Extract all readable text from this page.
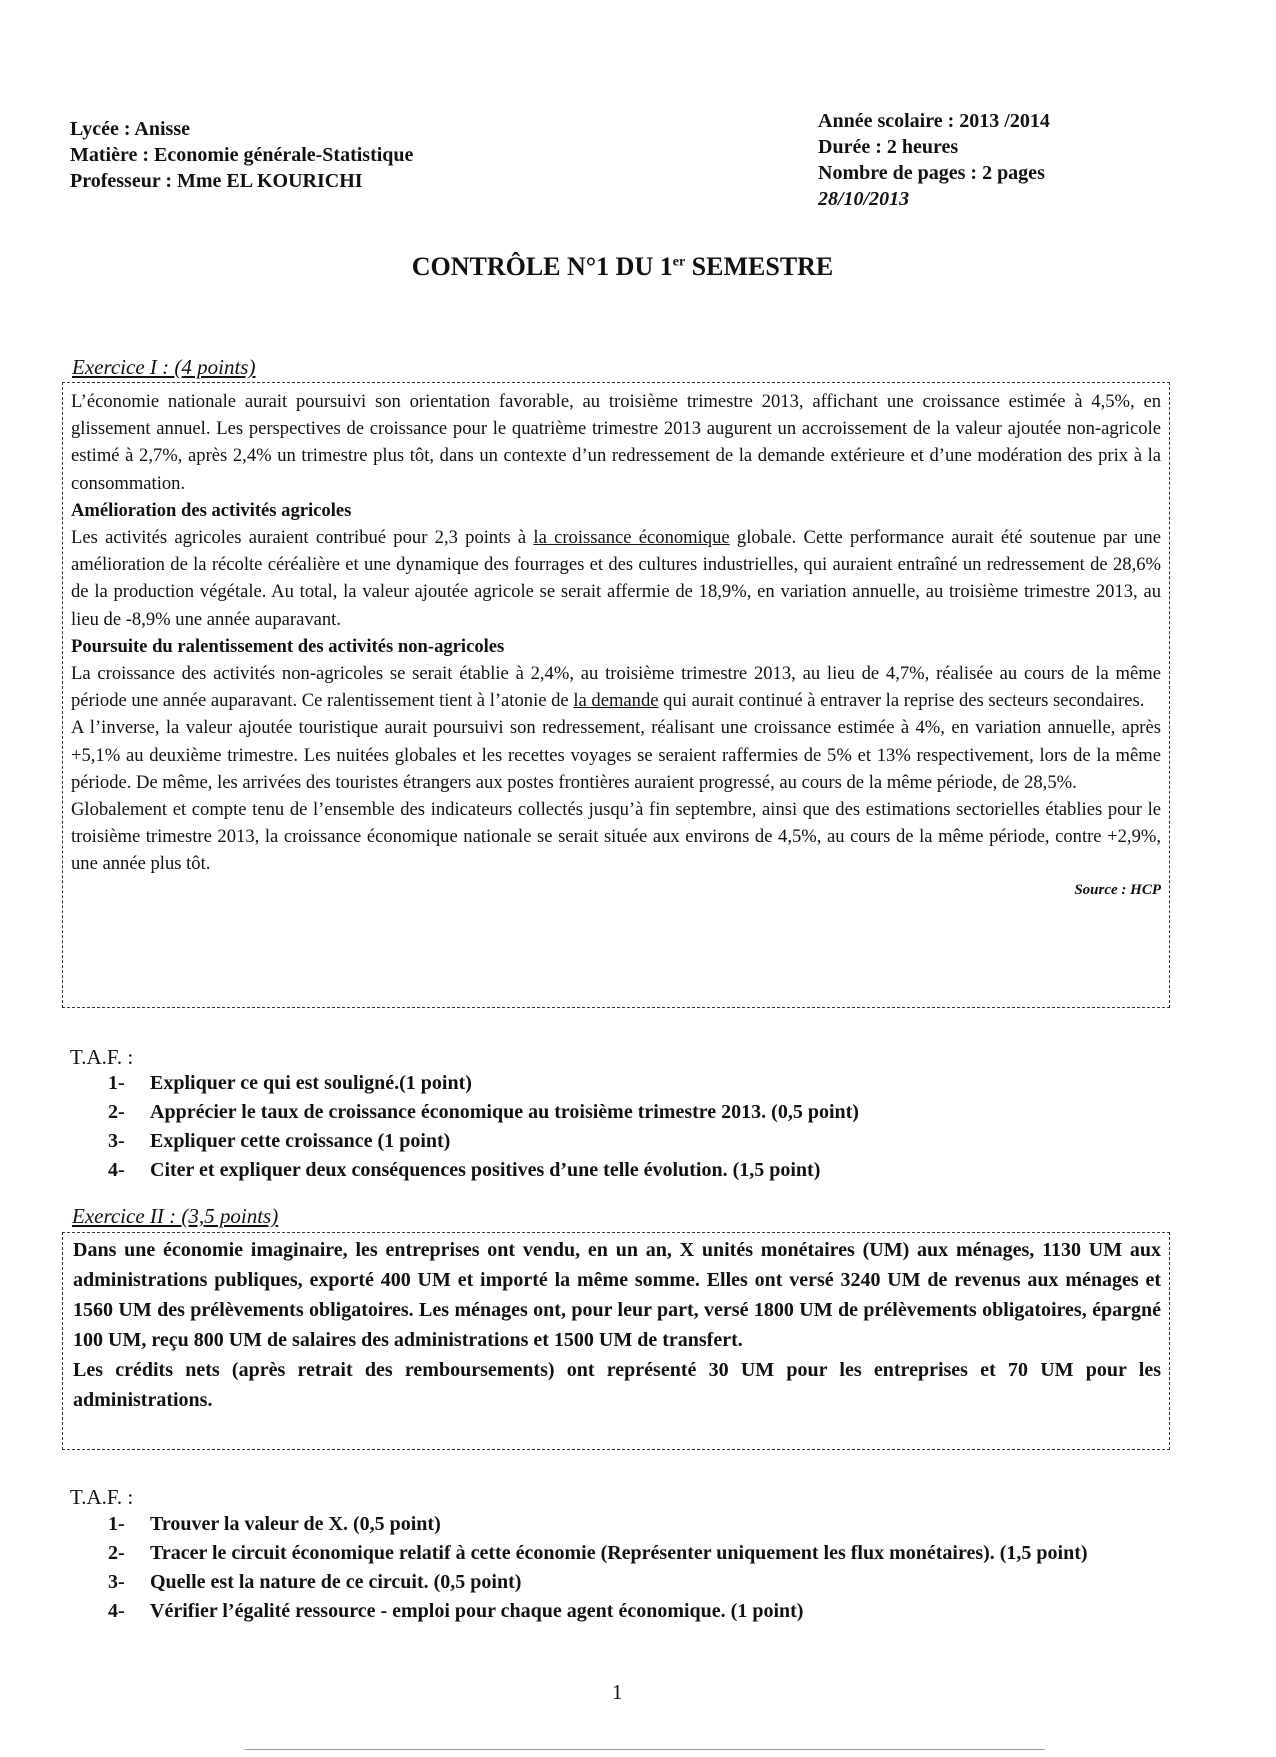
Lycée : Anisse
Matière : Economie générale-Statistique
Professeur : Mme EL KOURICHI
Année scolaire : 2013 /2014
Durée : 2 heures
Nombre de pages : 2 pages
28/10/2013
CONTRÔLE N°1 DU 1er SEMESTRE
Exercice I : (4 points)

L’économie nationale aurait poursuivi son orientation favorable, au troisième trimestre 2013, affichant une croissance estimée à 4,5%, en glissement annuel. Les perspectives de croissance pour le quatrième trimestre 2013 augurent un accroissement de la valeur ajoutée non-agricole estimé à 2,7%, après 2,4% un trimestre plus tôt, dans un contexte d’un redressement de la demande extérieure et d’une modération des prix à la consommation.

Amélioration des activités agricoles

Les activités agricoles auraient contribué pour 2,3 points à la croissance économique globale. Cette performance aurait été soutenue par une amélioration de la récolte céréalière et une dynamique des fourrages et des cultures industrielles, qui auraient entraîné un redressement de 28,6% de la production végétale. Au total, la valeur ajoutée agricole se serait affermie de 18,9%, en variation annuelle, au troisième trimestre 2013, au lieu de -8,9% une année auparavant.

Poursuite du ralentissement des activités non-agricoles

La croissance des activités non-agricoles se serait établie à 2,4%, au troisième trimestre 2013, au lieu de 4,7%, réalisée au cours de la même période une année auparavant. Ce ralentissement tient à l’atonie de la demande qui aurait continué à entraver la reprise des secteurs secondaires.

A l’inverse, la valeur ajoutée touristique aurait poursuivi son redressement, réalisant une croissance estimée à 4%, en variation annuelle, après +5,1% au deuxième trimestre. Les nuitées globales et les recettes voyages se seraient raffermies de 5% et 13% respectivement, lors de la même période. De même, les arrivées des touristes étrangers aux postes frontières auraient progressé, au cours de la même période, de 28,5%.

Globalement et compte tenu de l’ensemble des indicateurs collectés jusqu’à fin septembre, ainsi que des estimations sectorielles établies pour le troisième trimestre 2013, la croissance économique nationale se serait située aux environs de 4,5%, au cours de la même période, contre +2,9%, une année plus tôt.

Source : HCP
T.A.F. :
1-	Expliquer ce qui est souligné.(1 point)
2-	Apprécier le taux de croissance économique au troisième trimestre 2013. (0,5 point)
3-	Expliquer cette croissance (1 point)
4-	Citer et expliquer deux conséquences positives d’une telle évolution. (1,5 point)
Exercice II : (3,5 points)

Dans une économie imaginaire, les entreprises ont vendu, en un an, X unités monétaires (UM) aux ménages, 1130 UM aux administrations publiques, exporté 400 UM et importé la même somme. Elles ont versé 3240 UM de revenus aux ménages et 1560 UM des prélèvements obligatoires. Les ménages ont, pour leur part, versé 1800 UM de prélèvements obligatoires, épargné 100 UM, reçu 800 UM de salaires des administrations et 1500 UM de transfert.

Les crédits nets (après retrait des remboursements) ont représenté 30 UM pour les entreprises et 70 UM pour les administrations.

T.A.F. :
1-	Trouver la valeur de X. (0,5 point)
2-	Tracer le circuit économique relatif à cette économie (Représenter uniquement les flux monétaires). (1,5 point)
3-	Quelle est la nature de ce circuit. (0,5 point)
4-	Vérifier l’égalité ressource - emploi pour chaque agent économique. (1 point)
1
